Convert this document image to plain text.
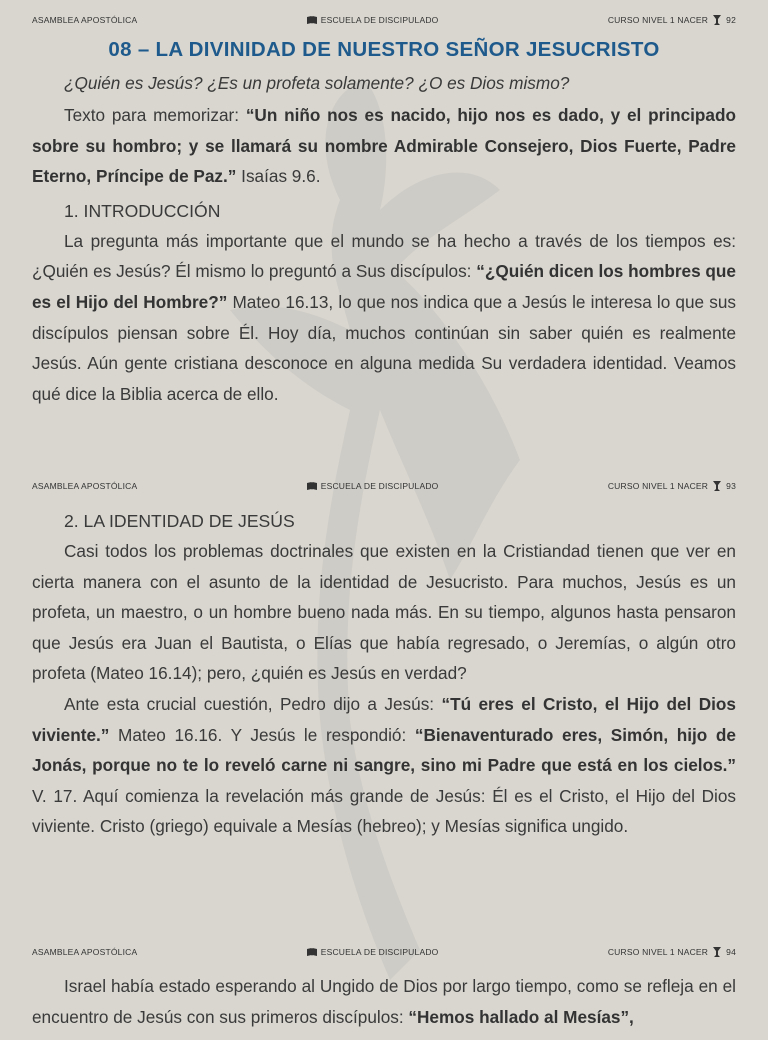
ASAMBLEA APOSTÓLICA	ESCUELA DE DISCIPULADO	CURSO NIVEL 1 NACER 92
08 – LA DIVINIDAD DE NUESTRO SEÑOR JESUCRISTO

¿Quién es Jesús? ¿Es un profeta solamente? ¿O es Dios mismo?

Texto para memorizar: “Un niño nos es nacido, hijo nos es dado, y el principado sobre su hombro; y se llamará su nombre Admirable Consejero, Dios Fuerte, Padre Eterno, Príncipe de Paz.” Isaías 9.6.

1. INTRODUCCIÓN

La pregunta más importante que el mundo se ha hecho a través de los tiempos es: ¿Quién es Jesús? Él mismo lo preguntó a Sus discípulos: “¿Quién dicen los hombres que es el Hijo del Hombre?” Mateo 16.13, lo que nos indica que a Jesús le interesa lo que sus discípulos piensan sobre Él. Hoy día, muchos continúan sin saber quién es realmente Jesús. Aún gente cristiana desconoce en alguna medida Su verdadera identidad. Veamos qué dice la Biblia acerca de ello.

ASAMBLEA APOSTÓLICA	ESCUELA DE DISCIPULADO	CURSO NIVEL 1 NACER 93
2. LA IDENTIDAD DE JESÚS

Casi todos los problemas doctrinales que existen en la Cristiandad tienen que ver en cierta manera con el asunto de la identidad de Jesucristo. Para muchos, Jesús es un profeta, un maestro, o un hombre bueno nada más. En su tiempo, algunos hasta pensaron que Jesús era Juan el Bautista, o Elías que había regresado, o Jeremías, o algún otro profeta (Mateo 16.14); pero, ¿quién es Jesús en verdad?

Ante esta crucial cuestión, Pedro dijo a Jesús: “Tú eres el Cristo, el Hijo del Dios viviente.” Mateo 16.16. Y Jesús le respondió: “Bienaventurado eres, Simón, hijo de Jonás, porque no te lo reveló carne ni sangre, sino mi Padre que está en los cielos.” V. 17. Aquí comienza la revelación más grande de Jesús: Él es el Cristo, el Hijo del Dios viviente. Cristo (griego) equivale a Mesías (hebreo); y Mesías significa ungido.

ASAMBLEA APOSTÓLICA	ESCUELA DE DISCIPULADO	CURSO NIVEL 1 NACER 94

Israel había estado esperando al Ungido de Dios por largo tiempo, como se refleja en el encuentro de Jesús con sus primeros discípulos: “Hemos hallado al Mesías”,
